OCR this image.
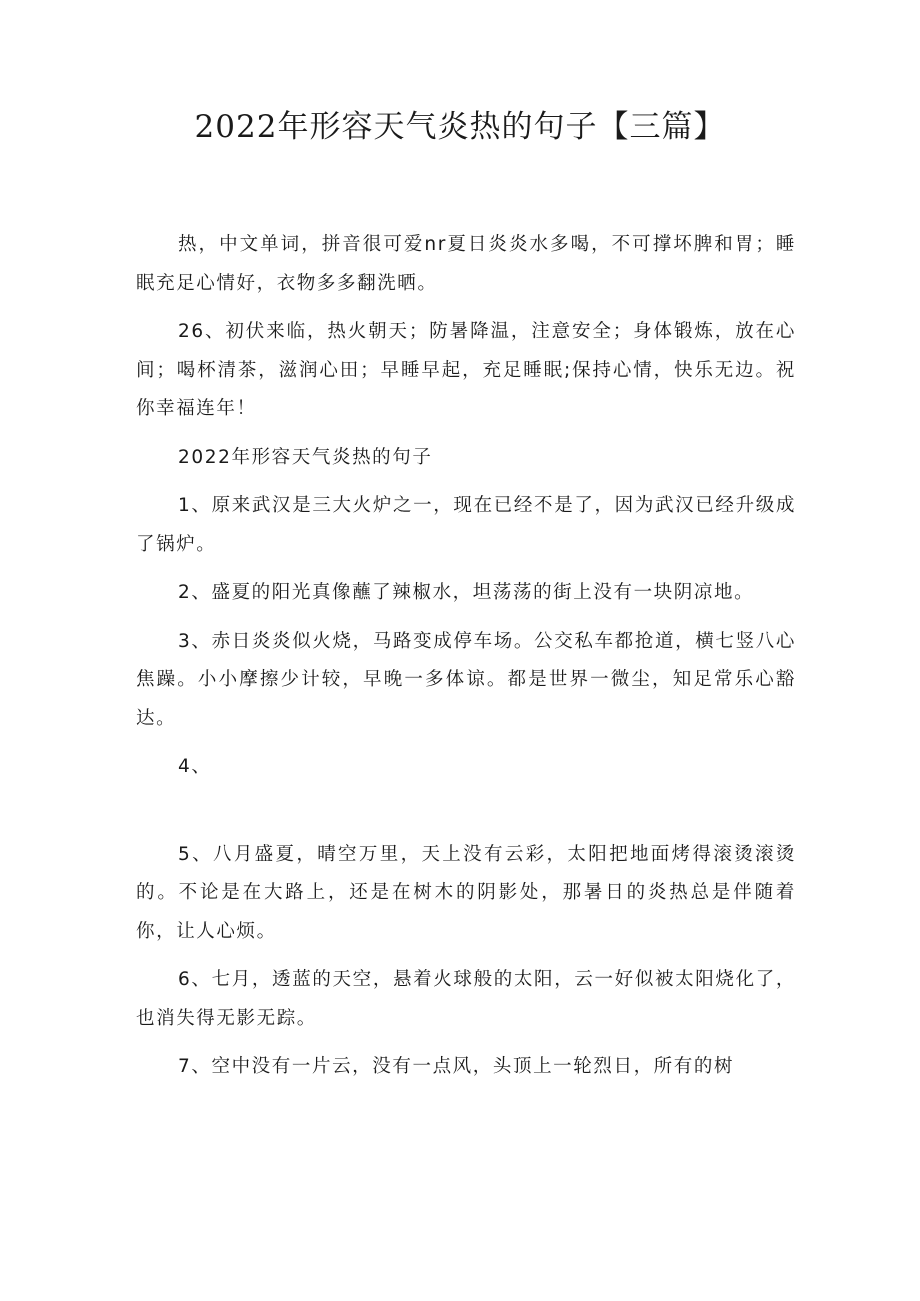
2022年形容天气炎热的句子【三篇】

热，中文单词，拼音很可爱nr夏日炎炎水多喝，不可撑坏脾和胃；睡眠充足心情好，衣物多多翻洗晒。

26、初伏来临，热火朝天；防暑降温，注意安全；身体锻炼，放在心间；喝杯清茶，滋润心田；早睡早起，充足睡眠;保持心情，快乐无边。祝你幸福连年！

2022年形容天气炎热的句子

1、原来武汉是三大火炉之一，现在已经不是了，因为武汉已经升级成了锅炉。

2、盛夏的阳光真像蘸了辣椒水，坦荡荡的街上没有一块阴凉地。

3、赤日炎炎似火烧，马路变成停车场。公交私车都抢道，横七竖八心焦躁。小小摩擦少计较，早晚一多体谅。都是世界一微尘，知足常乐心豁达。

4、

5、八月盛夏，晴空万里，天上没有云彩，太阳把地面烤得滚烫滚烫的。不论是在大路上，还是在树木的阴影处，那暑日的炎热总是伴随着你，让人心烦。

6、七月，透蓝的天空，悬着火球般的太阳，云一好似被太阳烧化了，也消失得无影无踪。

7、空中没有一片云，没有一点风，头顶上一轮烈日，所有的树
